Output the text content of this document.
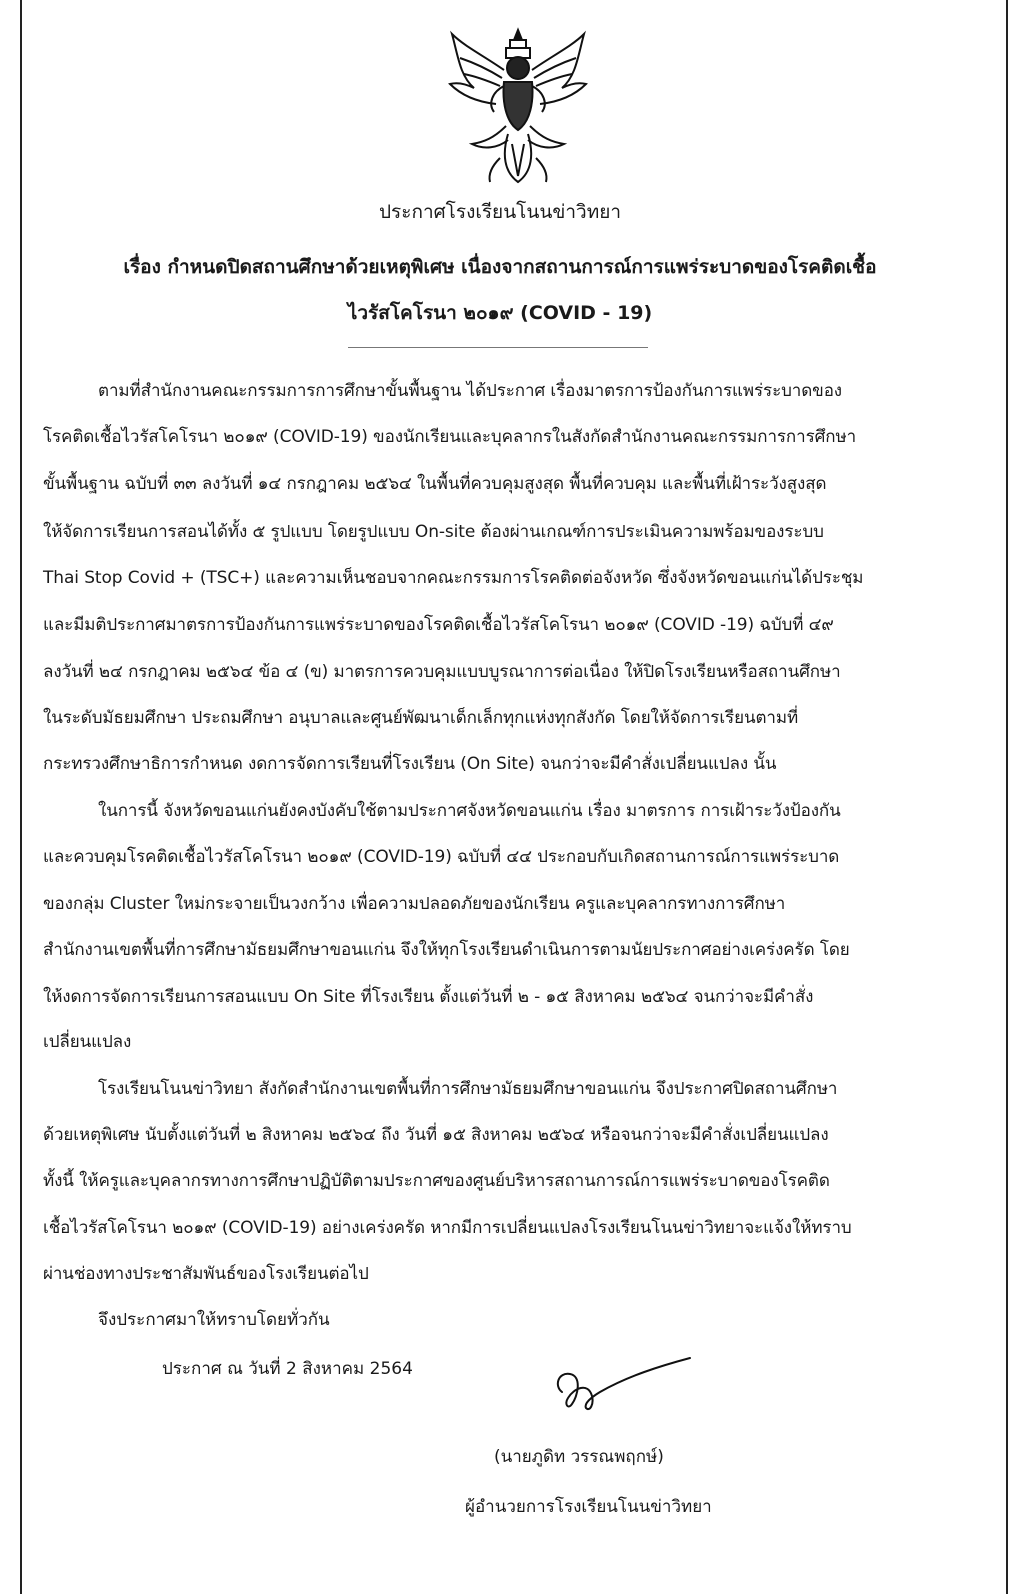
ประกาศโรงเรียนโนนข่าวิทยา
เรื่อง กำหนดปิดสถานศึกษาด้วยเหตุพิเศษ เนื่องจากสถานการณ์การแพร่ระบาดของโรคติดเชื้อ
ไวรัสโคโรนา ๒๐๑๙ (COVID - 19)
ตามที่สำนักงานคณะกรรมการการศึกษาขั้นพื้นฐาน ได้ประกาศ เรื่องมาตรการป้องกันการแพร่ระบาดของ
โรคติดเชื้อไวรัสโคโรนา ๒๐๑๙ (COVID-19) ของนักเรียนและบุคลากรในสังกัดสำนักงานคณะกรรมการการศึกษา
ขั้นพื้นฐาน ฉบับที่ ๓๓ ลงวันที่ ๑๔ กรกฎาคม ๒๕๖๔ ในพื้นที่ควบคุมสูงสุด พื้นที่ควบคุม และพื้นที่เฝ้าระวังสูงสุด
ให้จัดการเรียนการสอนได้ทั้ง ๕ รูปแบบ โดยรูปแบบ On-site ต้องผ่านเกณฑ์การประเมินความพร้อมของระบบ
Thai Stop Covid + (TSC+) และความเห็นชอบจากคณะกรรมการโรคติดต่อจังหวัด ซึ่งจังหวัดขอนแก่นได้ประชุม
และมีมติประกาศมาตรการป้องกันการแพร่ระบาดของโรคติดเชื้อไวรัสโคโรนา ๒๐๑๙ (COVID -19) ฉบับที่ ๔๙
ลงวันที่ ๒๔ กรกฎาคม ๒๕๖๔ ข้อ ๔ (ข) มาตรการควบคุมแบบบูรณาการต่อเนื่อง ให้ปิดโรงเรียนหรือสถานศึกษา
ในระดับมัธยมศึกษา ประถมศึกษา อนุบาลและศูนย์พัฒนาเด็กเล็กทุกแห่งทุกสังกัด โดยให้จัดการเรียนตามที่
กระทรวงศึกษาธิการกำหนด งดการจัดการเรียนที่โรงเรียน (On Site) จนกว่าจะมีคำสั่งเปลี่ยนแปลง นั้น
ในการนี้ จังหวัดขอนแก่นยังคงบังคับใช้ตามประกาศจังหวัดขอนแก่น เรื่อง มาตรการ การเฝ้าระวังป้องกัน
และควบคุมโรคติดเชื้อไวรัสโคโรนา ๒๐๑๙ (COVID-19) ฉบับที่ ๔๔ ประกอบกับเกิดสถานการณ์การแพร่ระบาด
ของกลุ่ม Cluster ใหม่กระจายเป็นวงกว้าง เพื่อความปลอดภัยของนักเรียน ครูและบุคลากรทางการศึกษา
สำนักงานเขตพื้นที่การศึกษามัธยมศึกษาขอนแก่น จึงให้ทุกโรงเรียนดำเนินการตามนัยประกาศอย่างเคร่งครัด โดย
ให้งดการจัดการเรียนการสอนแบบ On Site ที่โรงเรียน ตั้งแต่วันที่ ๒ - ๑๕ สิงหาคม ๒๕๖๔ จนกว่าจะมีคำสั่ง
เปลี่ยนแปลง
โรงเรียนโนนข่าวิทยา สังกัดสำนักงานเขตพื้นที่การศึกษามัธยมศึกษาขอนแก่น จึงประกาศปิดสถานศึกษา
ด้วยเหตุพิเศษ นับตั้งแต่วันที่ ๒ สิงหาคม ๒๕๖๔ ถึง วันที่ ๑๕ สิงหาคม ๒๕๖๔ หรือจนกว่าจะมีคำสั่งเปลี่ยนแปลง
ทั้งนี้ ให้ครูและบุคลากรทางการศึกษาปฏิบัติตามประกาศของศูนย์บริหารสถานการณ์การแพร่ระบาดของโรคติด
เชื้อไวรัสโคโรนา ๒๐๑๙ (COVID-19) อย่างเคร่งครัด หากมีการเปลี่ยนแปลงโรงเรียนโนนข่าวิทยาจะแจ้งให้ทราบ
ผ่านช่องทางประชาสัมพันธ์ของโรงเรียนต่อไป
จึงประกาศมาให้ทราบโดยทั่วกัน
ประกาศ ณ วันที่ 2 สิงหาคม 2564
(นายภูดิท วรรณพฤกษ์)
ผู้อำนวยการโรงเรียนโนนข่าวิทยา
